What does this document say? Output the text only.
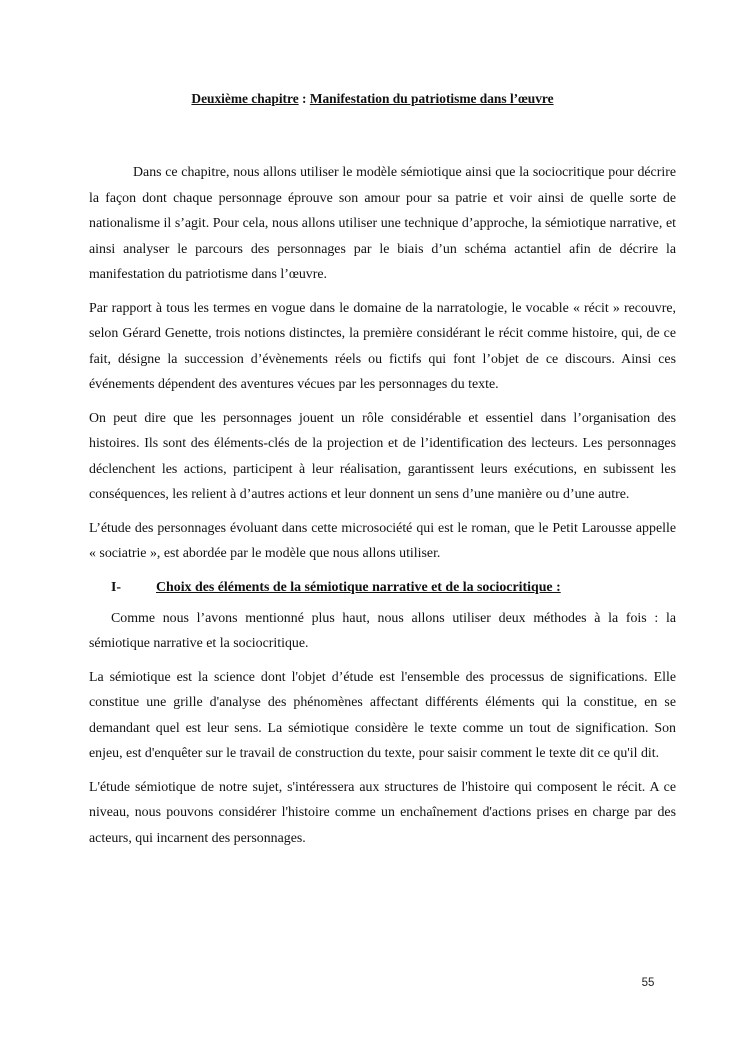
Deuxième chapitre : Manifestation du patriotisme dans l’œuvre

Dans ce chapitre, nous allons utiliser le modèle sémiotique ainsi que la sociocritique pour décrire la façon dont chaque personnage éprouve son amour pour sa patrie et voir ainsi de quelle sorte de nationalisme il s’agit. Pour cela, nous allons utiliser une technique d’approche, la sémiotique narrative, et ainsi analyser le parcours des personnages par le biais d’un schéma actantiel afin de décrire la manifestation du patriotisme dans l’œuvre.

Par rapport à tous les termes en vogue dans le domaine de la narratologie, le vocable « récit » recouvre, selon Gérard Genette, trois notions distinctes, la première considérant le récit comme histoire, qui, de ce fait, désigne la succession d’évènements réels ou fictifs qui font l’objet de ce discours. Ainsi ces événements dépendent des aventures vécues par les personnages du texte.

On peut dire que les personnages jouent un rôle considérable et essentiel dans l’organisation des histoires. Ils sont des éléments-clés de la projection et de l’identification des lecteurs. Les personnages déclenchent les actions, participent à leur réalisation, garantissent leurs exécutions, en subissent les conséquences, les relient à d’autres actions et leur donnent un sens d’une manière ou d’une autre.

L’étude des personnages évoluant dans cette microsociété qui est le roman, que le Petit Larousse appelle « sociatrie », est abordée par le modèle que nous allons utiliser.

I-	Choix des éléments de la sémiotique narrative et de la sociocritique :

Comme nous l’avons mentionné plus haut, nous allons utiliser deux méthodes à la fois : la sémiotique narrative et la sociocritique.

La sémiotique est la science dont l'objet d’étude est l'ensemble des processus de significations. Elle constitue une grille d'analyse des phénomènes affectant différents éléments qui la constitue, en se demandant quel est leur sens. La sémiotique considère le texte comme un tout de signification. Son enjeu, est d'enquêter sur le travail de construction du texte, pour saisir comment le texte dit ce qu'il dit.

L'étude sémiotique de notre sujet, s'intéressera aux structures de l'histoire qui composent le récit. A ce niveau, nous pouvons considérer l'histoire comme un enchaînement d'actions prises en charge par des acteurs, qui incarnent des personnages.

55
